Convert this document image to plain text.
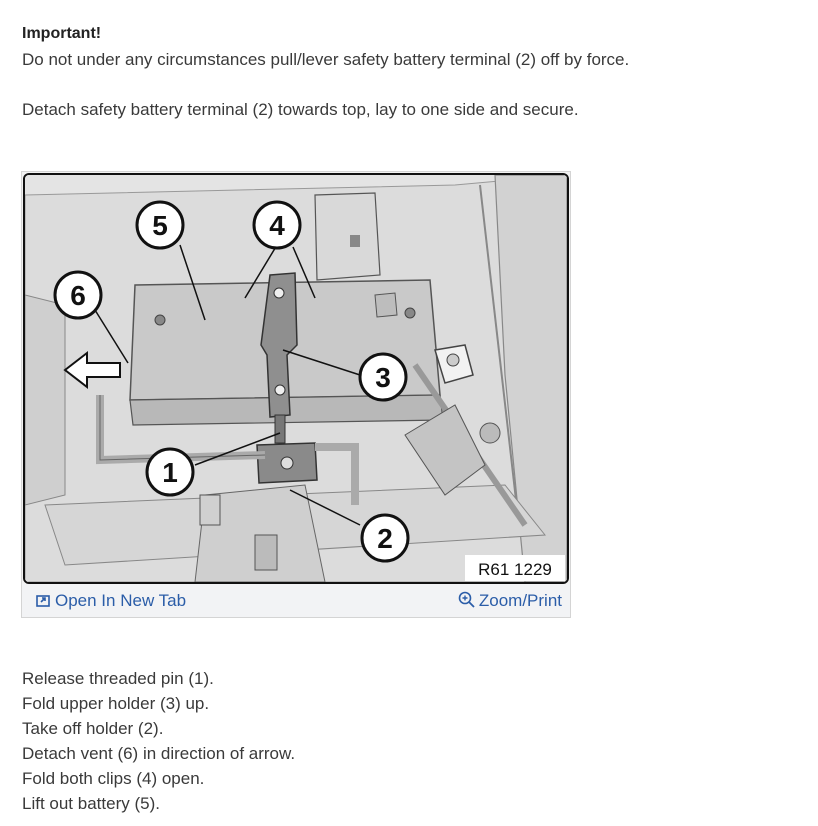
Important!
Do not under any circumstances pull/lever safety battery terminal (2) off by force.
Detach safety battery terminal (2) towards top, lay to one side and secure.
5	4
6
3
1
2
R61 1229
Open In New Tab	Zoom/Print
Release threaded pin (1).
Fold upper holder (3) up.
Take off holder (2).
Detach vent (6) in direction of arrow.
Fold both clips (4) open.
Lift out battery (5).
